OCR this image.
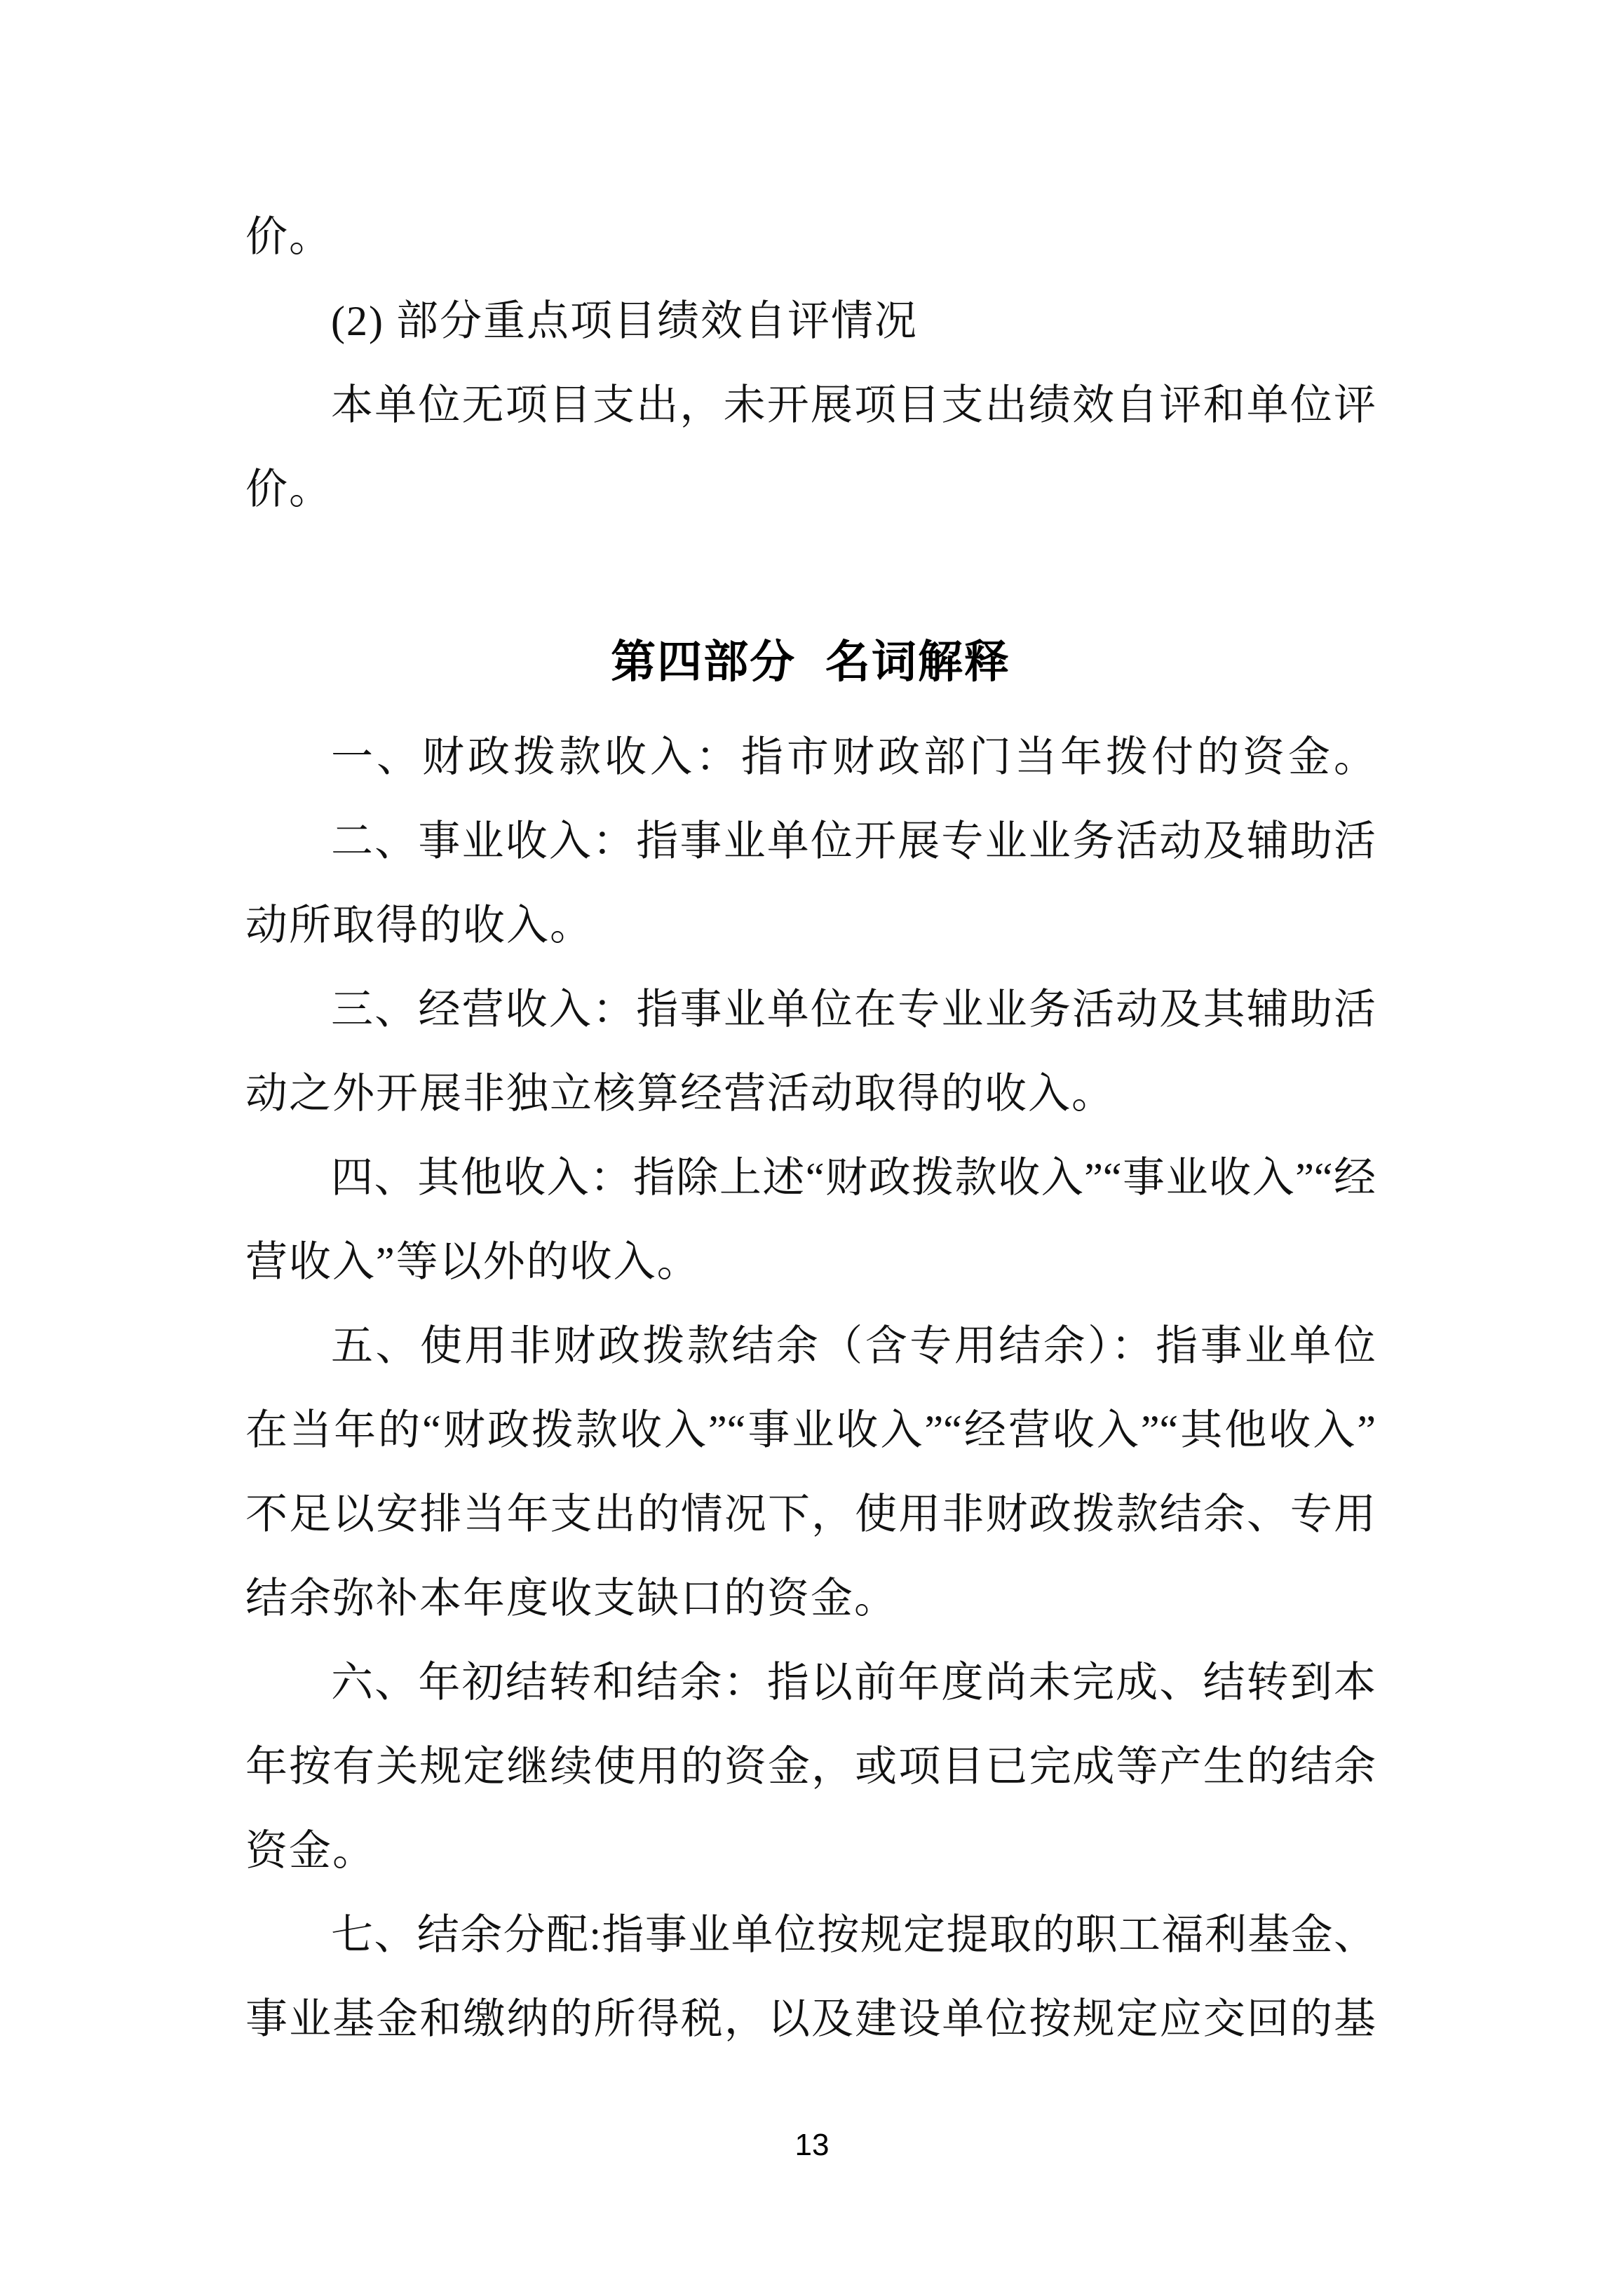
价。
(2) 部分重点项目绩效自评情况
本单位无项目支出，未开展项目支出绩效自评和单位评
价。
第四部分 名词解释
一、财政拨款收入：指市财政部门当年拨付的资金。
二、事业收入：指事业单位开展专业业务活动及辅助活
动所取得的收入。
三、经营收入：指事业单位在专业业务活动及其辅助活
动之外开展非独立核算经营活动取得的收入。
四、其他收入：指除上述“财政拨款收入”“事业收入”“经
营收入”等以外的收入。
五、使用非财政拨款结余（含专用结余）：指事业单位
在当年的“财政拨款收入”“事业收入”“经营收入”“其他收入”
不足以安排当年支出的情况下，使用非财政拨款结余、专用
结余弥补本年度收支缺口的资金。
六、年初结转和结余：指以前年度尚未完成、结转到本
年按有关规定继续使用的资金，或项目已完成等产生的结余
资金。
七、结余分配:指事业单位按规定提取的职工福利基金、
事业基金和缴纳的所得税，以及建设单位按规定应交回的基
13
